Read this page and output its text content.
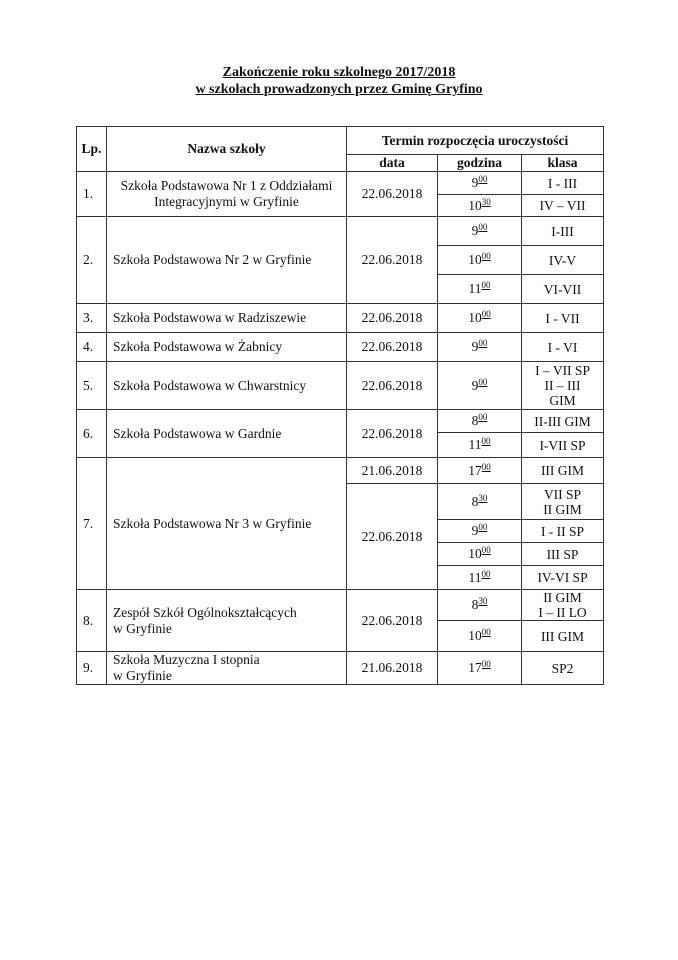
Zakończenie roku szkolnego 2017/2018
w szkołach prowadzonych przez Gminę Gryfino
Lp.	Nazwa szkoły	Termin rozpoczęcia uroczystości		
		data	godzina	klasa
1.	Szkoła Podstawowa Nr 1 z Oddziałami Integracyjnymi w Gryfinie	22.06.2018	$9^{00}$	I - III
			$10^{30}$	IV – VII
2.	Szkoła Podstawowa Nr 2 w Gryfinie	22.06.2018	$9^{00}$	I-III
			$10^{00}$	IV-V
			$11^{00}$	VI-VII
3.	Szkoła Podstawowa w Radziszewie	22.06.2018	$10^{00}$	I - VII
4.	Szkoła Podstawowa w Żabnicy	22.06.2018	$9^{00}$	I - VI
5.	Szkoła Podstawowa w Chwarstnicy	22.06.2018	$9^{00}$	I – VII SP
II – III
GIM
6.	Szkoła Podstawowa w Gardnie	22.06.2018	$8^{00}$	II-III GIM
			$11^{00}$	I-VII SP
7.	Szkoła Podstawowa Nr 3 w Gryfinie	21.06.2018	$17^{00}$	III GIM
		22.06.2018	$8^{30}$	VII SP
II GIM
			$9^{00}$	I - II SP
			$10^{00}$	III SP
			$11^{00}$	IV-VI SP
8.	Zespół Szkół Ogólnokształcących
w Gryfinie	22.06.2018	$8^{30}$	II GIM
I – II LO
			$10^{00}$	III GIM
9.	Szkoła Muzyczna I stopnia
w Gryfinie	21.06.2018	$17^{00}$	SP2
